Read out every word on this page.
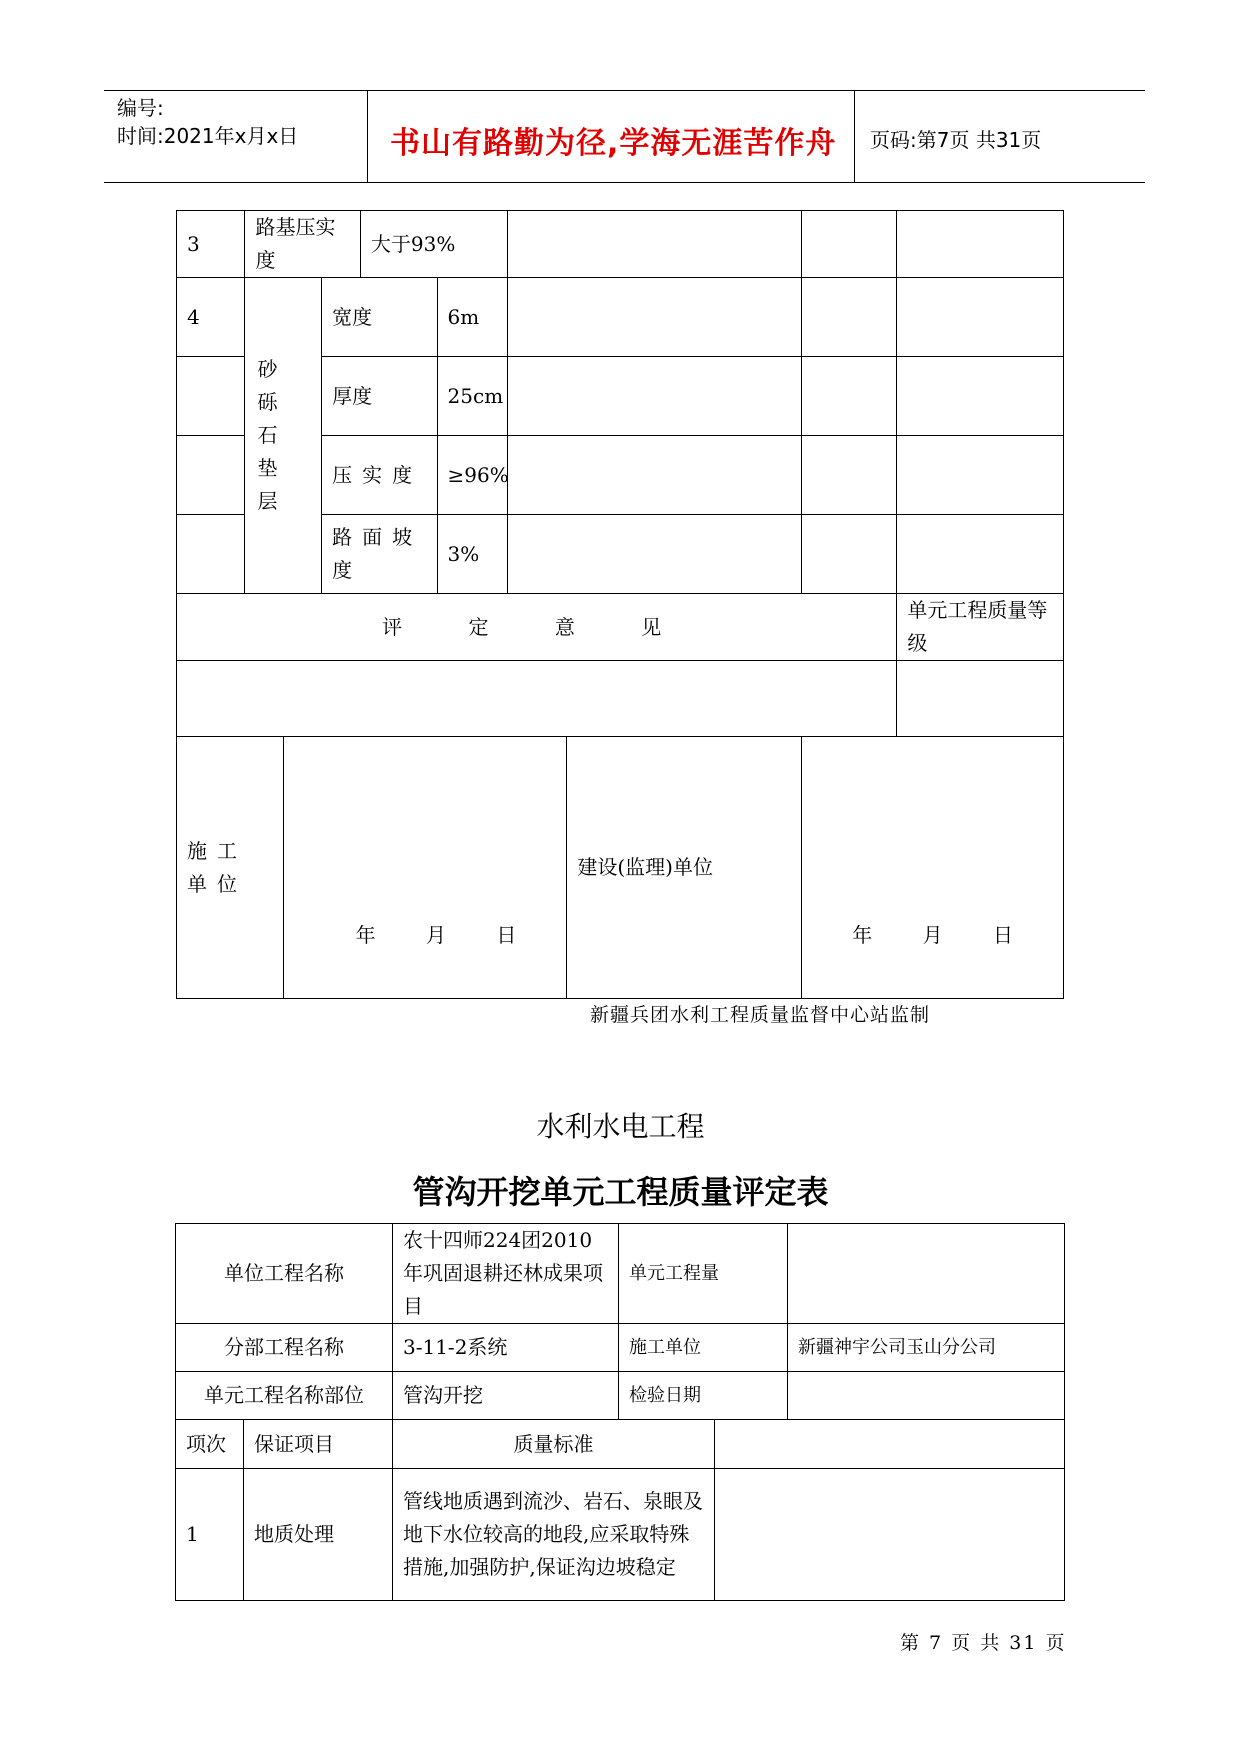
编号:
时间:2021年x月x日	书山有路勤为径,学海无涯苦作舟 页码:第7页 共31页
3	路基压实度			大于93%					
4	砂砾石垫层		宽度		6m				
			厚度		25cm				
			压实度		≥96%				
			路面坡度		3%				
评 定 意 见									单元工程质量等级

施工单位		年 月 日					建设(监理)单位	年 月 日	
新疆兵团水利工程质量监督中心站监制
水利水电工程
管沟开挖单元工程质量评定表
单位工程名称		农十四师224团2010年巩固退耕还林成果项目	单元工程量		
分部工程名称		3-11-2系统	施工单位		新疆神宇公司玉山分公司
单元工程名称部位		管沟开挖	检验日期		
项次	保证项目	质量标准			
1	地质处理	管线地质遇到流沙、岩石、泉眼及地下水位较高的地段,应采取特殊措施,加强防护,保证沟边坡稳定			
第 7 页 共 31 页
